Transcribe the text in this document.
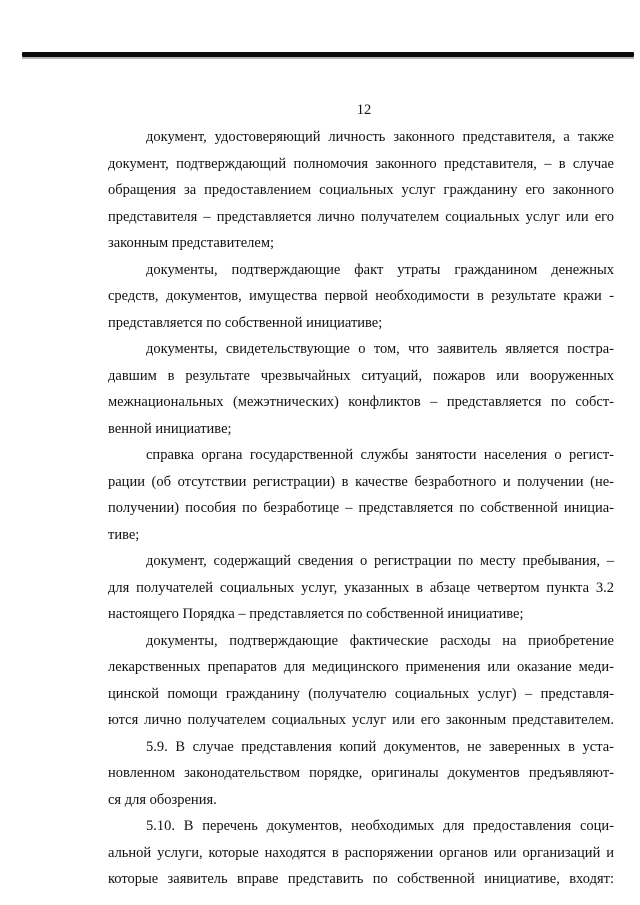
12
документ, удостоверяющий личность законного представителя, а также
документ, подтверждающий полномочия законного представителя, – в случае
обращения за предоставлением социальных услуг гражданину его законного
представителя – представляется лично получателем социальных услуг или его
законным представителем;
документы, подтверждающие факт утраты гражданином денежных
средств, документов, имущества первой необходимости в результате кражи -
представляется по собственной инициативе;
документы, свидетельствующие о том, что заявитель является постра-
давшим в результате чрезвычайных ситуаций, пожаров или вооруженных
межнациональных (межэтнических) конфликтов – представляется по собст-
венной инициативе;
справка органа государственной службы занятости населения о регист-
рации (об отсутствии регистрации) в качестве безработного и получении (не-
получении) пособия по безработице – представляется по собственной инициа-
тиве;
документ, содержащий сведения о регистрации по месту пребывания, –
для получателей социальных услуг, указанных в абзаце четвертом пункта 3.2
настоящего Порядка – представляется по собственной инициативе;
документы, подтверждающие фактические расходы на приобретение
лекарственных препаратов для медицинского применения или оказание меди-
цинской помощи гражданину (получателю социальных услуг) – представля-
ются лично получателем социальных услуг или его законным представителем.
5.9. В случае представления копий документов, не заверенных в уста-
новленном законодательством порядке, оригиналы документов предъявляют-
ся для обозрения.
5.10. В перечень документов, необходимых для предоставления соци-
альной услуги, которые находятся в распоряжении органов или организаций и
которые заявитель вправе представить по собственной инициативе, входят:
